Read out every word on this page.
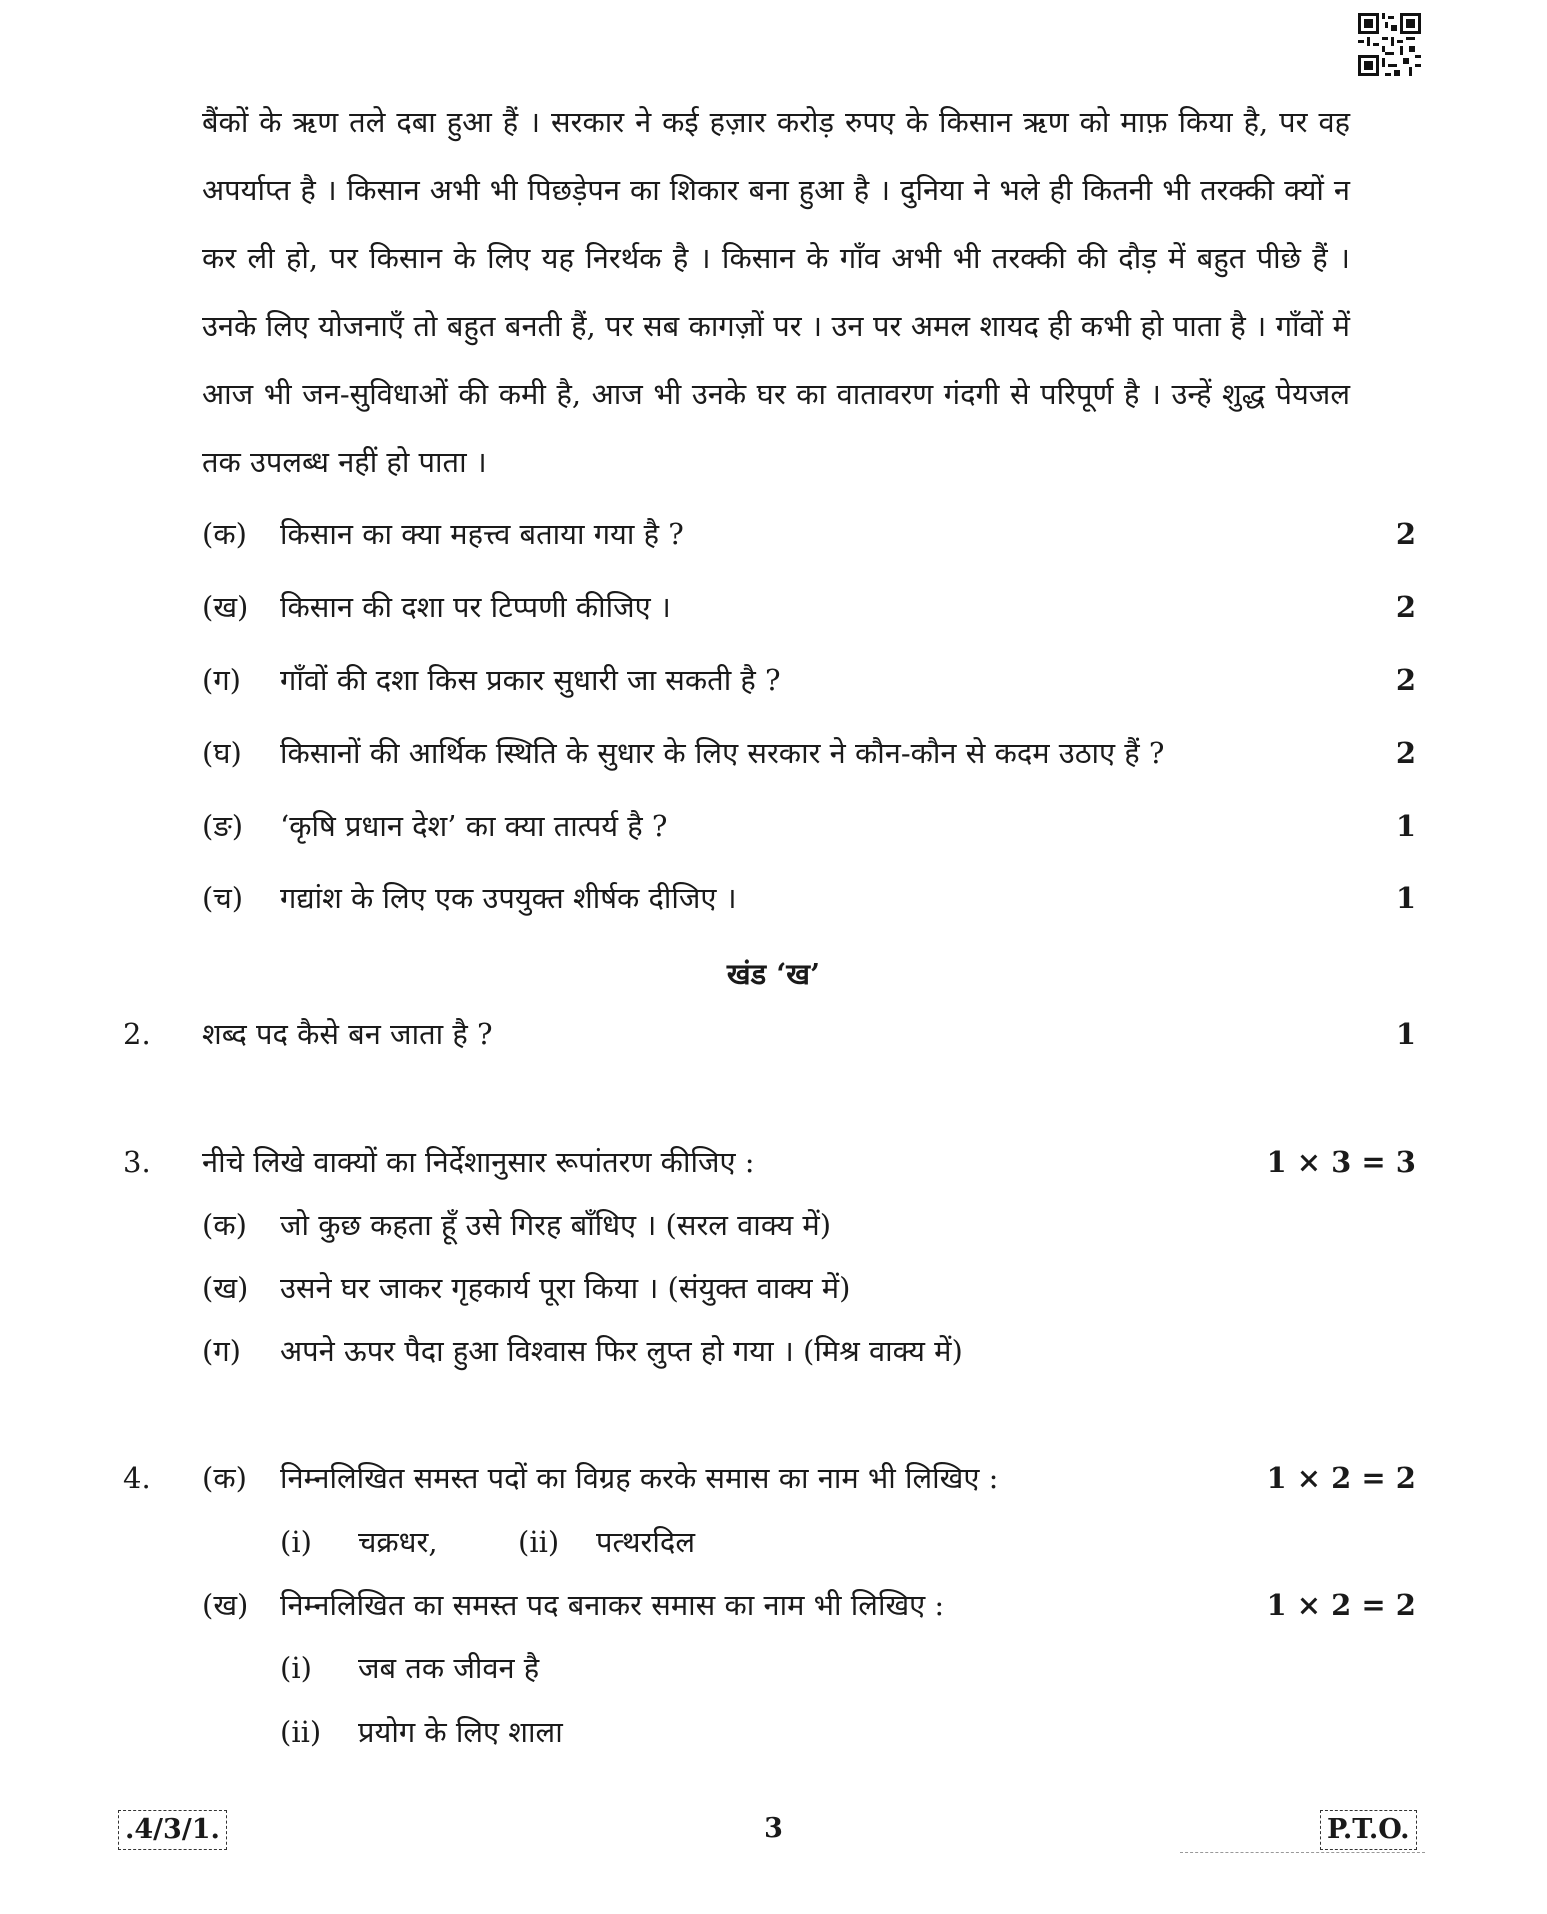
बैंकों के ऋण तले दबा हुआ हैं । सरकार ने कई हज़ार करोड़ रुपए के किसान ऋण को माफ़ किया है, पर वह अपर्याप्त है । किसान अभी भी पिछड़ेपन का शिकार बना हुआ है । दुनिया ने भले ही कितनी भी तरक्की क्यों न कर ली हो, पर किसान के लिए यह निरर्थक है । किसान के गाँव अभी भी तरक्की की दौड़ में बहुत पीछे हैं । उनके लिए योजनाएँ तो बहुत बनती हैं, पर सब कागज़ों पर । उन पर अमल शायद ही कभी हो पाता है । गाँवों में आज भी जन-सुविधाओं की कमी है, आज भी उनके घर का वातावरण गंदगी से परिपूर्ण है । उन्हें शुद्ध पेयजल तक उपलब्ध नहीं हो पाता ।
(क) किसान का क्या महत्त्व बताया गया है ?	2
(ख) किसान की दशा पर टिप्पणी कीजिए ।	2
(ग) गाँवों की दशा किस प्रकार सुधारी जा सकती है ?	2
(घ) किसानों की आर्थिक स्थिति के सुधार के लिए सरकार ने कौन-कौन से कदम उठाए हैं ?	2
(ङ) ‘कृषि प्रधान देश’ का क्या तात्पर्य है ?	1
(च) गद्यांश के लिए एक उपयुक्त शीर्षक दीजिए ।	1
खंड ‘ख’
2. शब्द पद कैसे बन जाता है ?	1
3. नीचे लिखे वाक्यों का निर्देशानुसार रूपांतरण कीजिए :	1 × 3 = 3
(क) जो कुछ कहता हूँ उसे गिरह बाँधिए । (सरल वाक्य में)
(ख) उसने घर जाकर गृहकार्य पूरा किया । (संयुक्त वाक्य में)
(ग) अपने ऊपर पैदा हुआ विश्वास फिर लुप्त हो गया । (मिश्र वाक्य में)
4. (क) निम्नलिखित समस्त पदों का विग्रह करके समास का नाम भी लिखिए :	1 × 2 = 2
(i) चक्रधर,	(ii) पत्थरदिल
(ख) निम्नलिखित का समस्त पद बनाकर समास का नाम भी लिखिए :	1 × 2 = 2
(i) जब तक जीवन है
(ii) प्रयोग के लिए शाला
.4/3/1.	3	P.T.O.
